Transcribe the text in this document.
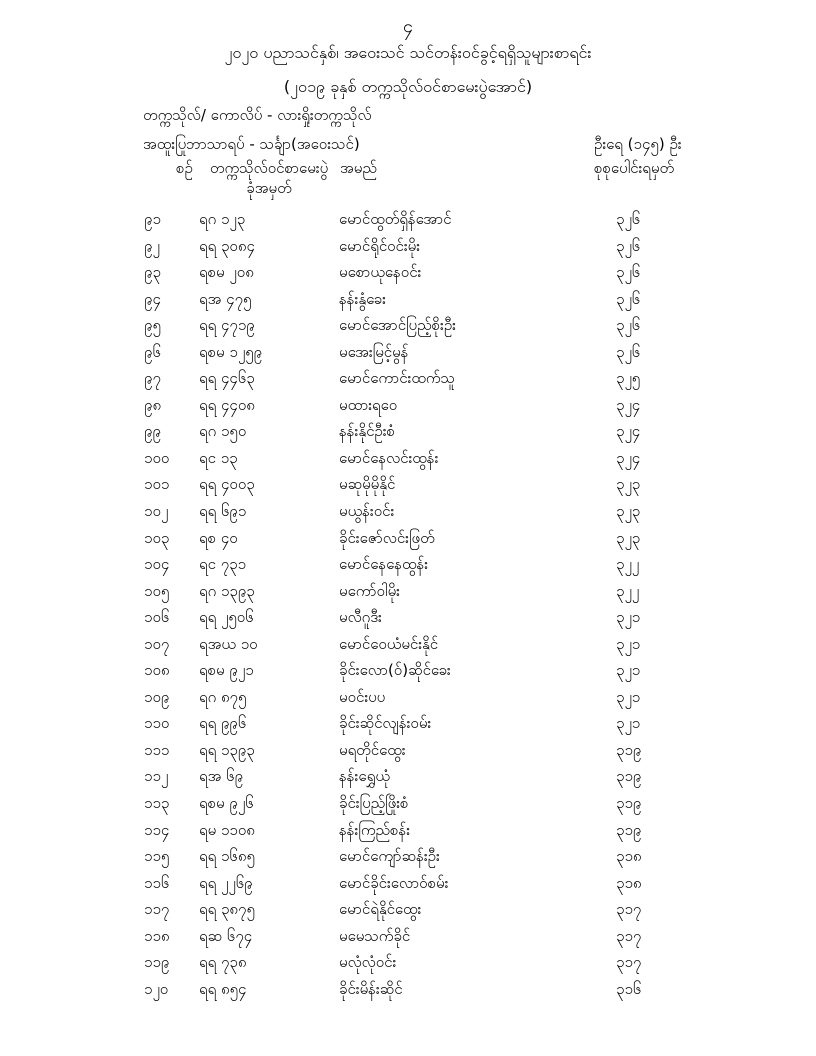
၄
၂၀၂၀ ပညာသင်နှစ်၊ အဝေးသင် သင်တန်းဝင်ခွင့်ရရှိသူများစာရင်း
(၂၀၁၉ ခုနှစ် တက္ကသိုလ်ဝင်စာမေးပွဲအောင်)
တက္ကသိုလ်/ ကောလိပ် - လားရှိုးတက္ကသိုလ်
အထူးပြုဘာသာရပ် - သင်္ချာ(အဝေးသင်)	ဦးရေ (၁၄၅) ဦး
စဉ် တက္ကသိုလ်ဝင်စာမေးပွဲ
ခုံအမှတ်
အမည်	စုစုပေါင်းရမှတ်
၉၁	ရဂ ၁၂၃	မောင်ထွတ်ရှိန်အောင်	၃၂၆
၉၂	ရရ ၃၀၈၄	မောင်ရိုင်ဝင်းမိုး	၃၂၆
၉၃	ရစမ ၂၀၈	မစောယုနေဝင်း	၃၂၆
၉၄	ရအ ၄၇၅	နန်းနွံခေး	၃၂၆
၉၅	ရရ ၄၇၁၉	မောင်အောင်ပြည့်စိုးဦး	၃၂၆
၉၆	ရစမ ၁၂၅၉	မအေးမြင့်မွန်	၃၂၆
၉၇	ရရ ၄၄၆၃	မောင်ကောင်းထက်သူ	၃၂၅
၉၈	ရရ ၄၄၀၈	မထားရဝေ	၃၂၄
၉၉	ရဂ ၁၅၀	နန်းနိုင်ဦးစံ	၃၂၄
၁၀၀	ရင ၁၃	မောင်နေလင်းထွန်း	၃၂၄
၁၀၁	ရရ ၄၀၀၃	မဆုမိုမိုနိုင်	၃၂၃
၁၀၂	ရရ ၆၉၁	မယွန်းဝင်း	၃၂၃
၁၀၃	ရစ ၄၀	ခိုင်းဇော်လင်းဖြတ်	၃၂၃
၁၀၄	ရင ၇၃၁	မောင်နေနေထွန်း	၃၂၂
၁၀၅	ရဂ ၁၃၉၃	မကော်ဝါမိုး	၃၂၂
၁၀၆	ရရ ၂၅၀၆	မလီဂူဒီး	၃၂၁
၁၀၇	ရအယ ၁၀	မောင်ဝေယံမင်းနိုင်	၃၂၁
၁၀၈	ရစမ ၉၂၁	ခိုင်းလော(ဝ်)ဆိုင်ခေး	၃၂၁
၁၀၉	ရဂ ၈၇၅	မဝင်းပပ	၃၂၁
၁၁၀	ရရ ၉၉၆	ခိုင်းဆိုင်လျန်းဝမ်း	၃၂၁
၁၁၁	ရရ ၁၃၉၃	မရတိုင်ထွေး	၃၁၉
၁၁၂	ရအ ၆၉	နန်းရွှေယုံ	၃၁၉
၁၁၃	ရစမ ၉၂၆	ခိုင်းပြည့်ဖြိုးစံ	၃၁၉
၁၁၄	ရမ ၁၁၀၈	နန်းကြည်စန်း	၃၁၉
၁၁၅	ရရ ၁၆၈၅	မောင်ကျော်ဆန်းဦး	၃၁၈
၁၁၆	ရရ ၂၂၆၉	မောင်ခိုင်းလောဝ်စမ်း	၃၁၈
၁၁၇	ရရ ၃၈၇၅	မောင်ရဲနိုင်ထွေး	၃၁၇
၁၁၈	ရဆ ၆၇၄	မမေသက်ခိုင်	၃၁၇
၁၁၉	ရရ ၇၃၈	မလုံလုံဝင်း	၃၁၇
၁၂၀	ရရ ၈၅၄	ခိုင်းမိန်းဆိုင်	၃၁၆
